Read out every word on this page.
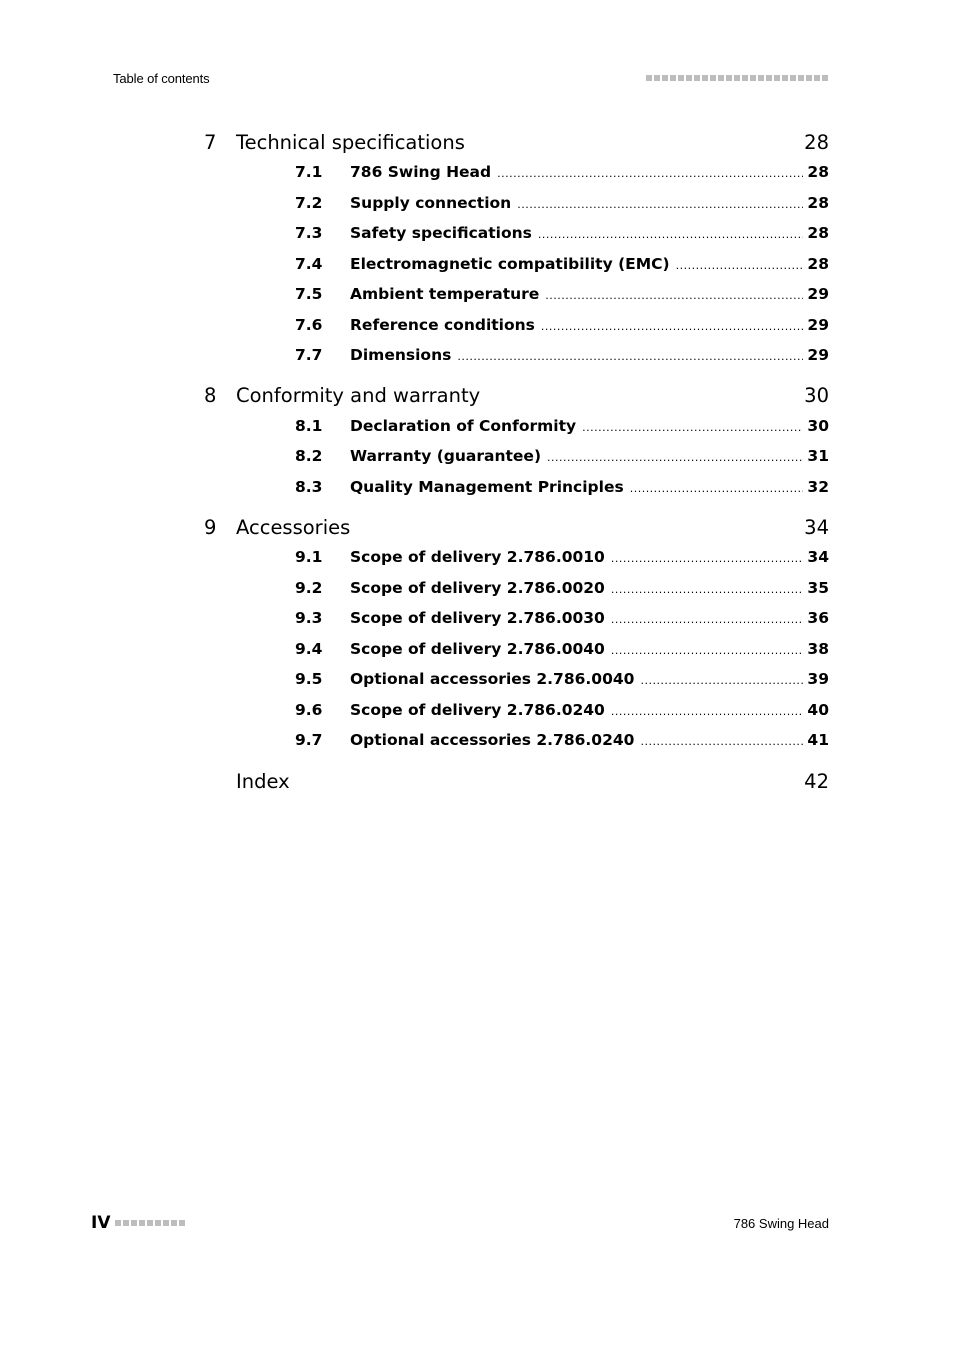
Table of contents
7	Technical specifications	28
7.1	786 Swing Head .....	28
7.2	Supply connection .....	28
7.3	Safety specifications .....	28
7.4	Electromagnetic compatibility (EMC) .....	28
7.5	Ambient temperature .....	29
7.6	Reference conditions .....	29
7.7	Dimensions .....	29
8	Conformity and warranty	30
8.1	Declaration of Conformity .....	30
8.2	Warranty (guarantee) .....	31
8.3	Quality Management Principles .....	32
9	Accessories	34
9.1	Scope of delivery 2.786.0010 .....	34
9.2	Scope of delivery 2.786.0020 .....	35
9.3	Scope of delivery 2.786.0030 .....	36
9.4	Scope of delivery 2.786.0040 .....	38
9.5	Optional accessories 2.786.0040 .....	39
9.6	Scope of delivery 2.786.0240 .....	40
9.7	Optional accessories 2.786.0240 .....	41
Index	42
IV	786 Swing Head
